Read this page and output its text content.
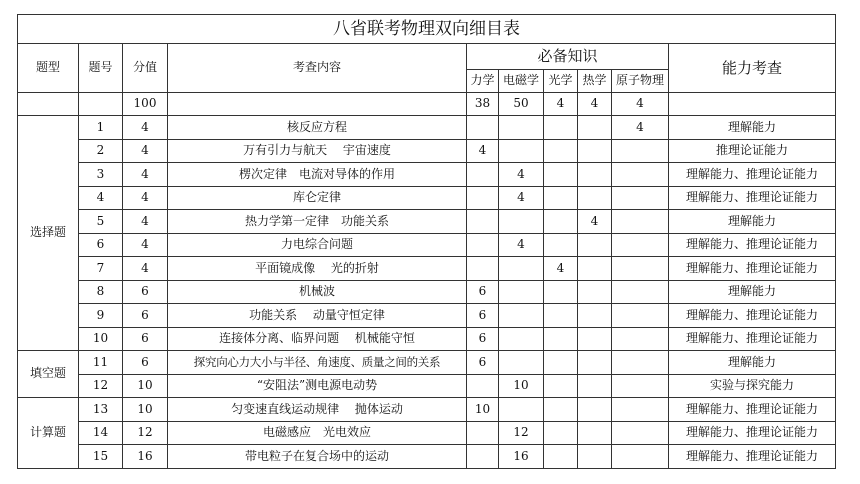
八省联考物理双向细目表									
题型	题号	分值	考查内容	必备知识					能力考查
				力学	电磁学	光学	热学	原子物理	
		100		38	50	4	4	4	
选择题	1	4	核反应方程					4	理解能力
	2	4	万有引力与航天　 宇宙速度	4					推理论证能力
	3	4	楞次定律　电流对导体的作用		4				理解能力、推理论证能力
	4	4	库仑定律		4				理解能力、推理论证能力
	5	4	热力学第一定律　功能关系				4		理解能力
	6	4	力电综合问题		4				理解能力、推理论证能力
	7	4	平面镜成像　 光的折射			4			理解能力、推理论证能力
	8	6	机械波	6					理解能力
	9	6	功能关系　 动量守恒定律	6					理解能力、推理论证能力
	10	6	连接体分离、临界问题　 机械能守恒	6					理解能力、推理论证能力
填空题	11	6	探究向心力大小与半径、角速度、质量之间的关系	6					理解能力
	12	10	“安阻法”测电源电动势		10				实验与探究能力
计算题	13	10	匀变速直线运动规律　 抛体运动	10					理解能力、推理论证能力
	14	12	电磁感应　光电效应		12				理解能力、推理论证能力
	15	16	带电粒子在复合场中的运动		16				理解能力、推理论证能力
